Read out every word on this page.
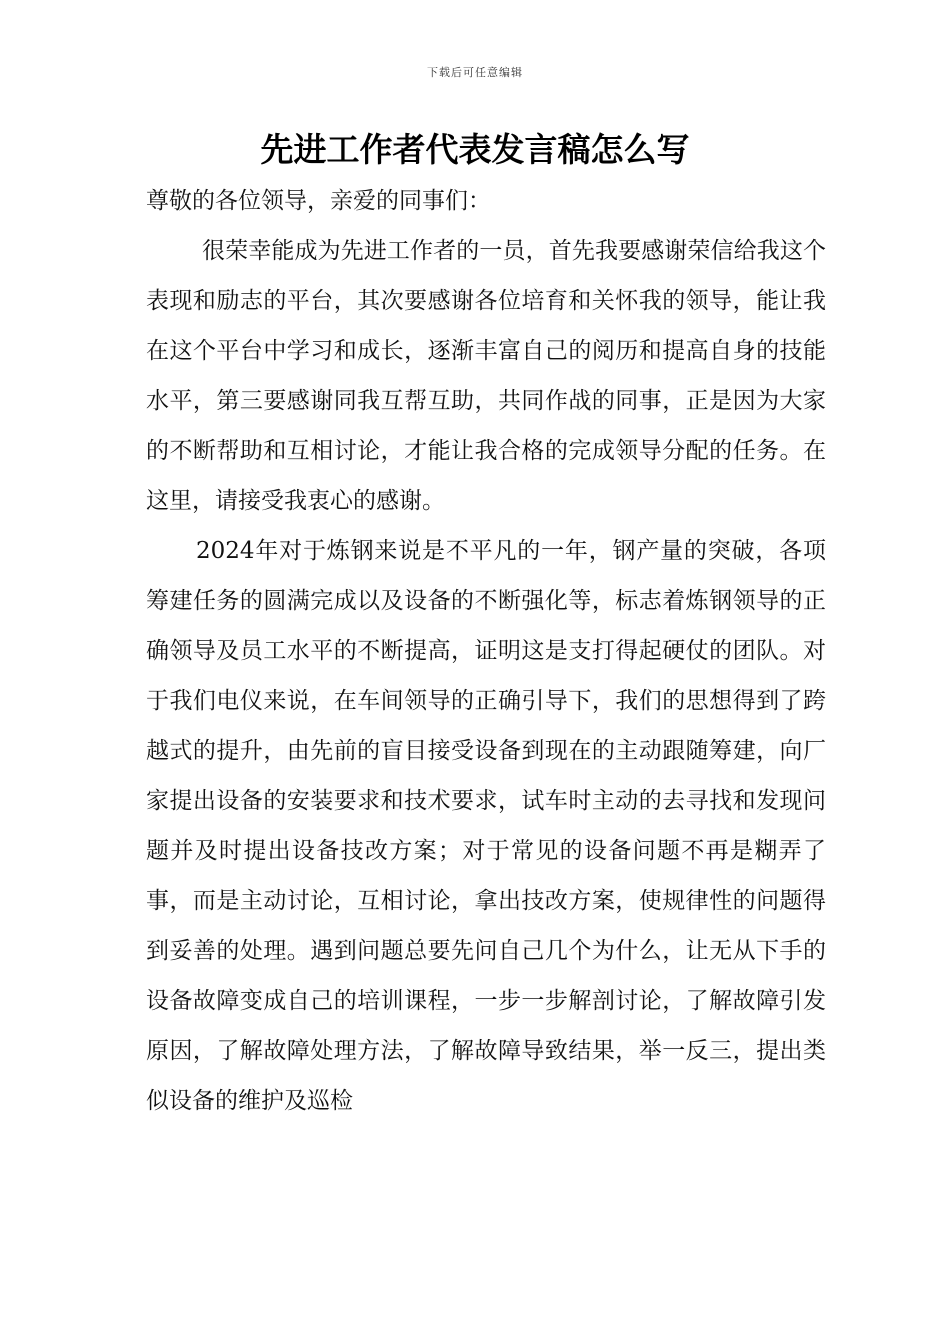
下载后可任意编辑
先进工作者代表发言稿怎么写

尊敬的各位领导，亲爱的同事们：

很荣幸能成为先进工作者的一员，首先我要感谢荣信给我这个表现和励志的平台，其次要感谢各位培育和关怀我的领导，能让我在这个平台中学习和成长，逐渐丰富自己的阅历和提高自身的技能水平，第三要感谢同我互帮互助，共同作战的同事，正是因为大家的不断帮助和互相讨论，才能让我合格的完成领导分配的任务。在这里，请接受我衷心的感谢。

2024年对于炼钢来说是不平凡的一年，钢产量的突破，各项筹建任务的圆满完成以及设备的不断强化等，标志着炼钢领导的正确领导及员工水平的不断提高，证明这是支打得起硬仗的团队。对于我们电仪来说，在车间领导的正确引导下，我们的思想得到了跨越式的提升，由先前的盲目接受设备到现在的主动跟随筹建，向厂家提出设备的安装要求和技术要求，试车时主动的去寻找和发现问题并及时提出设备技改方案；对于常见的设备问题不再是糊弄了事，而是主动讨论，互相讨论，拿出技改方案，使规律性的问题得到妥善的处理。遇到问题总要先问自己几个为什么，让无从下手的设备故障变成自己的培训课程，一步一步解剖讨论，了解故障引发原因，了解故障处理方法，了解故障导致结果，举一反三，提出类似设备的维护及巡检
